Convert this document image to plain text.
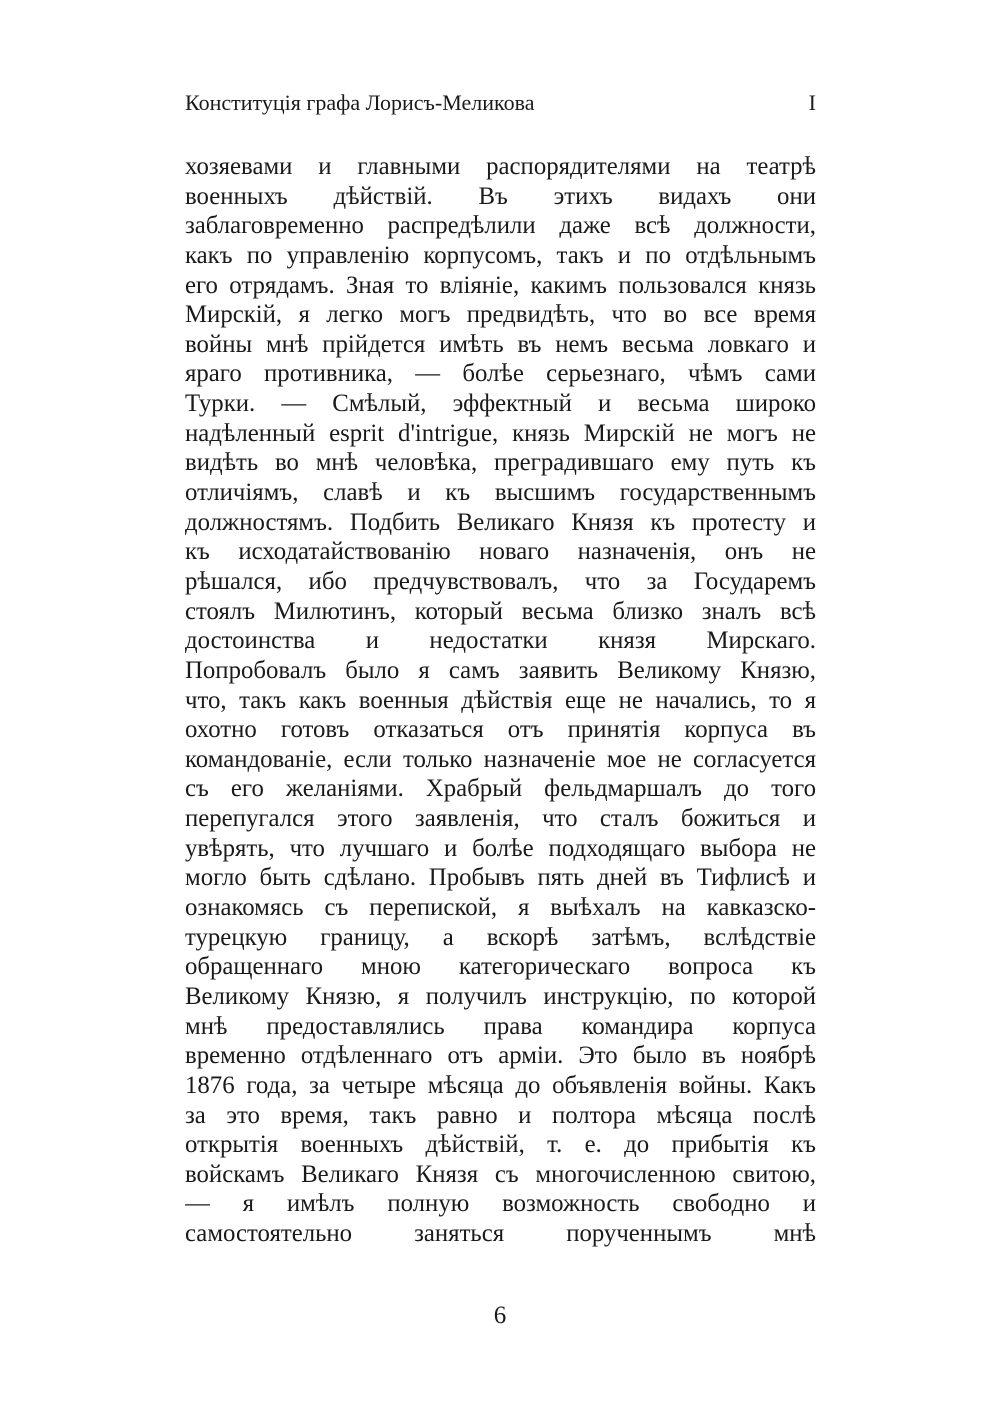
Конституція графа Лорисъ-Меликова	I
хозяевами и главными распорядителями на театрѣ
военныхъ дѣйствій. Въ этихъ видахъ они
заблаговременно распредѣлили даже всѣ должности,
какъ по управленію корпусомъ, такъ и по отдѣльнымъ
его отрядамъ. Зная то вліяніе, какимъ пользовался князь
Мирскій, я легко могъ предвидѣть, что во все время
войны мнѣ прійдется имѣть въ немъ весьма ловкаго и
яраго противника, — болѣе серьезнаго, чѣмъ сами
Турки. — Смѣлый, эффектный и весьма широко
надѣленный esprit d'intrigue, князь Мирскій не могъ не
видѣть во мнѣ человѣка, преградившаго ему путь къ
отличіямъ, славѣ и къ высшимъ государственнымъ
должностямъ. Подбить Великаго Князя къ протесту и
къ исходатайствованію новаго назначенія, онъ не
рѣшался, ибо предчувствовалъ, что за Государемъ
стоялъ Милютинъ, который весьма близко зналъ всѣ
достоинства и недостатки князя Мирскаго.
Попробовалъ было я самъ заявить Великому Князю,
что, такъ какъ военныя дѣйствія еще не начались, то я
охотно готовъ отказаться отъ принятія корпуса въ
командованіе, если только назначеніе мое не согласуется
съ его желаніями. Храбрый фельдмаршалъ до того
перепугался этого заявленія, что сталъ божиться и
увѣрять, что лучшаго и болѣе подходящаго выбора не
могло быть сдѣлано. Пробывъ пять дней въ Тифлисѣ и
ознакомясь съ перепиской, я выѣхалъ на кавказско-
турецкую границу, а вскорѣ затѣмъ, вслѣдствіе
обращеннаго мною категорическаго вопроса къ
Великому Князю, я получилъ инструкцію, по которой
мнѣ предоставлялись права командира корпуса
временно отдѣленнаго отъ арміи. Это было въ ноябрѣ
1876 года, за четыре мѣсяца до объявленія войны. Какъ
за это время, такъ равно и полтора мѣсяца послѣ
открытія военныхъ дѣйствій, т. е. до прибытія къ
войскамъ Великаго Князя съ многочисленною свитою,
— я имѣлъ полную возможность свободно и
самостоятельно заняться порученнымъ мнѣ
6
